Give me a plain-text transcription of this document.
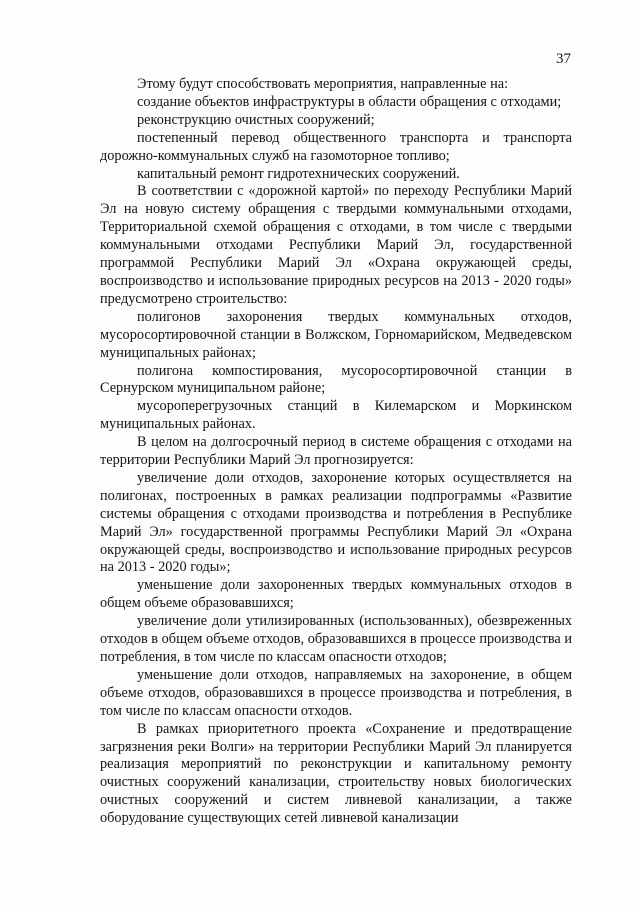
37

Этому будут способствовать мероприятия, направленные на:

создание объектов инфраструктуры в области обращения с отходами;

реконструкцию очистных сооружений;

постепенный перевод общественного транспорта и транспорта дорожно-коммунальных служб на газомоторное топливо;

капитальный ремонт гидротехнических сооружений.

В соответствии с «дорожной картой» по переходу Республики Марий Эл на новую систему обращения с твердыми коммунальными отходами, Территориальной схемой обращения с отходами, в том числе с твердыми коммунальными отходами Республики Марий Эл, государственной программой Республики Марий Эл «Охрана окружающей среды, воспроизводство и использование природных ресурсов на 2013 - 2020 годы» предусмотрено строительство:

полигонов захоронения твердых коммунальных отходов, мусоросортировочной станции в Волжском, Горномарийском, Медведевском муниципальных районах;

полигона компостирования, мусоросортировочной станции в Сернурском муниципальном районе;

мусороперегрузочных станций в Килемарском и Моркинском муниципальных районах.

В целом на долгосрочный период в системе обращения с отходами на территории Республики Марий Эл прогнозируется:

увеличение доли отходов, захоронение которых осуществляется на полигонах, построенных в рамках реализации подпрограммы «Развитие системы обращения с отходами производства и потребления в Республике Марий Эл» государственной программы Республики Марий Эл «Охрана окружающей среды, воспроизводство и использование природных ресурсов на 2013 - 2020 годы»;

уменьшение доли захороненных твердых коммунальных отходов в общем объеме образовавшихся;

увеличение доли утилизированных (использованных), обезвреженных отходов в общем объеме отходов, образовавшихся в процессе производства и потребления, в том числе по классам опасности отходов;

уменьшение доли отходов, направляемых на захоронение, в общем объеме отходов, образовавшихся в процессе производства и потребления, в том числе по классам опасности отходов.

В рамках приоритетного проекта «Сохранение и предотвращение загрязнения реки Волги» на территории Республики Марий Эл планируется реализация мероприятий по реконструкции и капитальному ремонту очистных сооружений канализации, строительству новых биологических очистных сооружений и систем ливневой канализации, а также оборудование существующих сетей ливневой канализации
